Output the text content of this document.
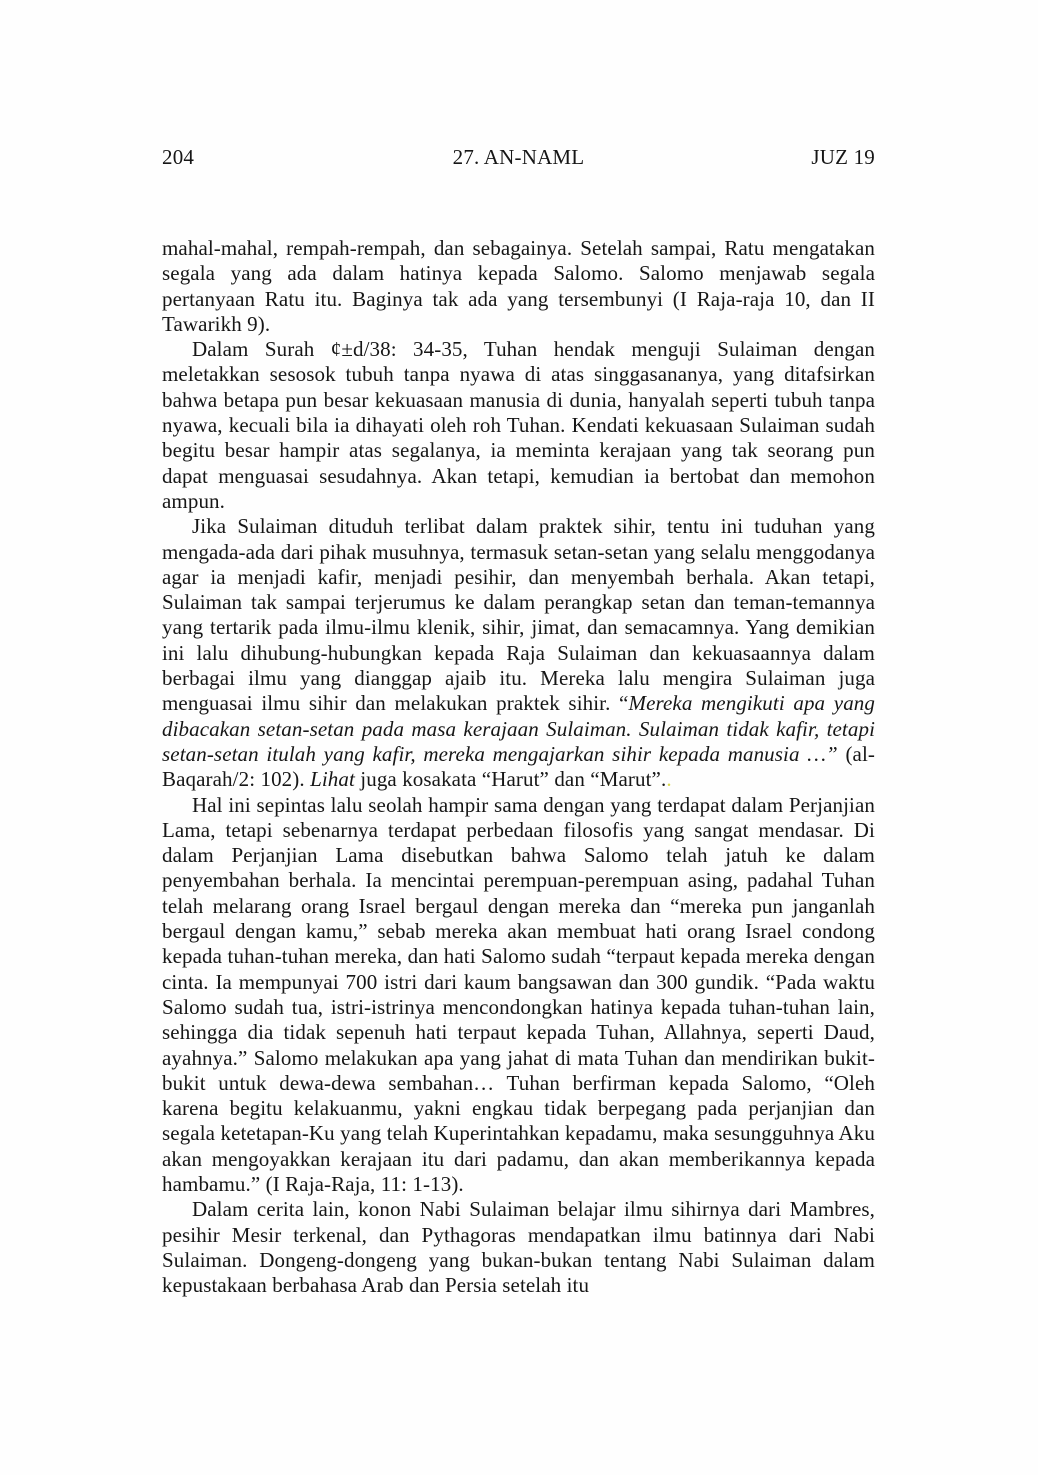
204	27. AN-NAML	JUZ 19

mahal-mahal, rempah-rempah, dan sebagainya. Setelah sampai, Ratu mengatakan segala yang ada dalam hatinya kepada Salomo. Salomo menjawab segala pertanyaan Ratu itu. Baginya tak ada yang tersembunyi (I Raja-raja 10, dan II Tawarikh 9).

Dalam Surah ¢±d/38: 34-35, Tuhan hendak menguji Sulaiman dengan meletakkan sesosok tubuh tanpa nyawa di atas singgasananya, yang ditafsirkan bahwa betapa pun besar kekuasaan manusia di dunia, hanyalah seperti tubuh tanpa nyawa, kecuali bila ia dihayati oleh roh Tuhan. Kendati kekuasaan Sulaiman sudah begitu besar hampir atas segalanya, ia meminta kerajaan yang tak seorang pun dapat menguasai sesudahnya. Akan tetapi, kemudian ia bertobat dan memohon ampun.

Jika Sulaiman dituduh terlibat dalam praktek sihir, tentu ini tuduhan yang mengada-ada dari pihak musuhnya, termasuk setan-setan yang selalu menggodanya agar ia menjadi kafir, menjadi pesihir, dan menyembah berhala. Akan tetapi, Sulaiman tak sampai terjerumus ke dalam perangkap setan dan teman-temannya yang tertarik pada ilmu-ilmu klenik, sihir, jimat, dan semacamnya. Yang demikian ini lalu dihubung-hubungkan kepada Raja Sulaiman dan kekuasaannya dalam berbagai ilmu yang dianggap ajaib itu. Mereka lalu mengira Sulaiman juga menguasai ilmu sihir dan melakukan praktek sihir. “Mereka mengikuti apa yang dibacakan setan-setan pada masa kerajaan Sulaiman. Sulaiman tidak kafir, tetapi setan-setan itulah yang kafir, mereka mengajarkan sihir kepada manusia …” (al-Baqarah/2: 102). Lihat juga kosakata “Harut” dan “Marut”..

Hal ini sepintas lalu seolah hampir sama dengan yang terdapat dalam Perjanjian Lama, tetapi sebenarnya terdapat perbedaan filosofis yang sangat mendasar. Di dalam Perjanjian Lama disebutkan bahwa Salomo telah jatuh ke dalam penyembahan berhala. Ia mencintai perempuan-perempuan asing, padahal Tuhan telah melarang orang Israel bergaul dengan mereka dan “mereka pun janganlah bergaul dengan kamu,” sebab mereka akan membuat hati orang Israel condong kepada tuhan-tuhan mereka, dan hati Salomo sudah “terpaut kepada mereka dengan cinta. Ia mempunyai 700 istri dari kaum bangsawan dan 300 gundik. “Pada waktu Salomo sudah tua, istri-istrinya mencondongkan hatinya kepada tuhan-tuhan lain, sehingga dia tidak sepenuh hati terpaut kepada Tuhan, Allahnya, seperti Daud, ayahnya.” Salomo melakukan apa yang jahat di mata Tuhan dan mendirikan bukit-bukit untuk dewa-dewa sembahan… Tuhan berfirman kepada Salomo, “Oleh karena begitu kelakuanmu, yakni engkau tidak berpegang pada perjanjian dan segala ketetapan-Ku yang telah Kuperintahkan kepadamu, maka sesungguhnya Aku akan mengoyakkan kerajaan itu dari padamu, dan akan memberikannya kepada hambamu.” (I Raja-Raja, 11: 1-13).

Dalam cerita lain, konon Nabi Sulaiman belajar ilmu sihirnya dari Mambres, pesihir Mesir terkenal, dan Pythagoras mendapatkan ilmu batinnya dari Nabi Sulaiman. Dongeng-dongeng yang bukan-bukan tentang Nabi Sulaiman dalam kepustakaan berbahasa Arab dan Persia setelah itu
